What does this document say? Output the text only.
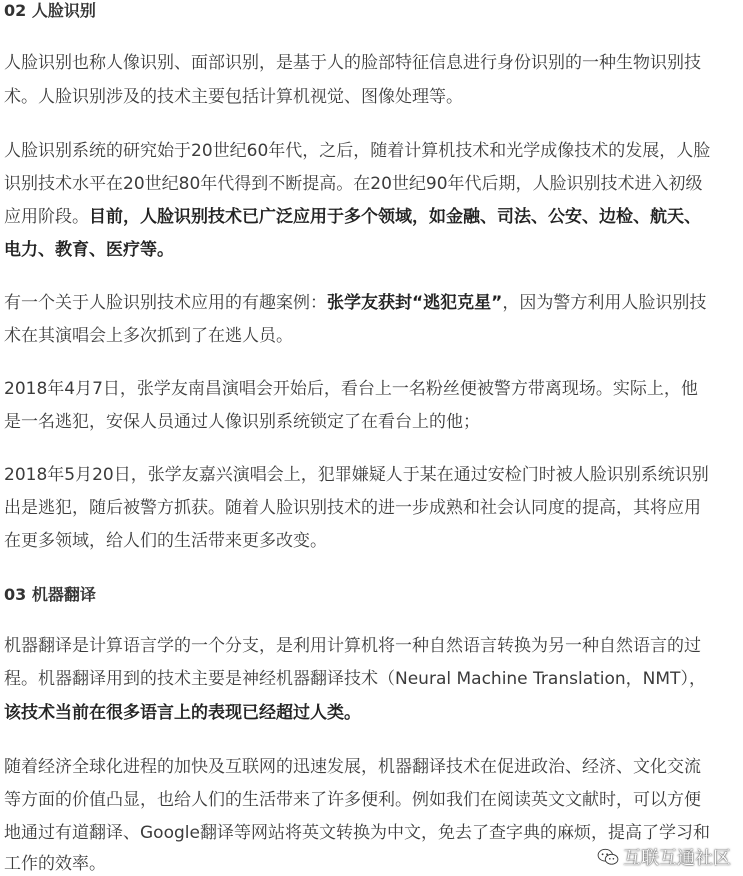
02 人脸识别
人脸识别也称人像识别、面部识别，是基于人的脸部特征信息进行身份识别的一种生物识别技
术。人脸识别涉及的技术主要包括计算机视觉、图像处理等。
人脸识别系统的研究始于20世纪60年代，之后，随着计算机技术和光学成像技术的发展，人脸
识别技术水平在20世纪80年代得到不断提高。在20世纪90年代后期，人脸识别技术进入初级
应用阶段。目前，人脸识别技术已广泛应用于多个领域，如金融、司法、公安、边检、航天、
电力、教育、医疗等。
有一个关于人脸识别技术应用的有趣案例：张学友获封“逃犯克星”，因为警方利用人脸识别技
术在其演唱会上多次抓到了在逃人员。
2018年4月7日，张学友南昌演唱会开始后，看台上一名粉丝便被警方带离现场。实际上，他
是一名逃犯，安保人员通过人像识别系统锁定了在看台上的他；
2018年5月20日，张学友嘉兴演唱会上，犯罪嫌疑人于某在通过安检门时被人脸识别系统识别
出是逃犯，随后被警方抓获。随着人脸识别技术的进一步成熟和社会认同度的提高，其将应用
在更多领域，给人们的生活带来更多改变。
03 机器翻译
机器翻译是计算语言学的一个分支，是利用计算机将一种自然语言转换为另一种自然语言的过
程。机器翻译用到的技术主要是神经机器翻译技术（Neural Machine Translation，NMT），
该技术当前在很多语言上的表现已经超过人类。
随着经济全球化进程的加快及互联网的迅速发展，机器翻译技术在促进政治、经济、文化交流
等方面的价值凸显，也给人们的生活带来了许多便利。例如我们在阅读英文文献时，可以方便
地通过有道翻译、Google翻译等网站将英文转换为中文，免去了查字典的麻烦，提高了学习和
工作的效率。	互联互通社区
